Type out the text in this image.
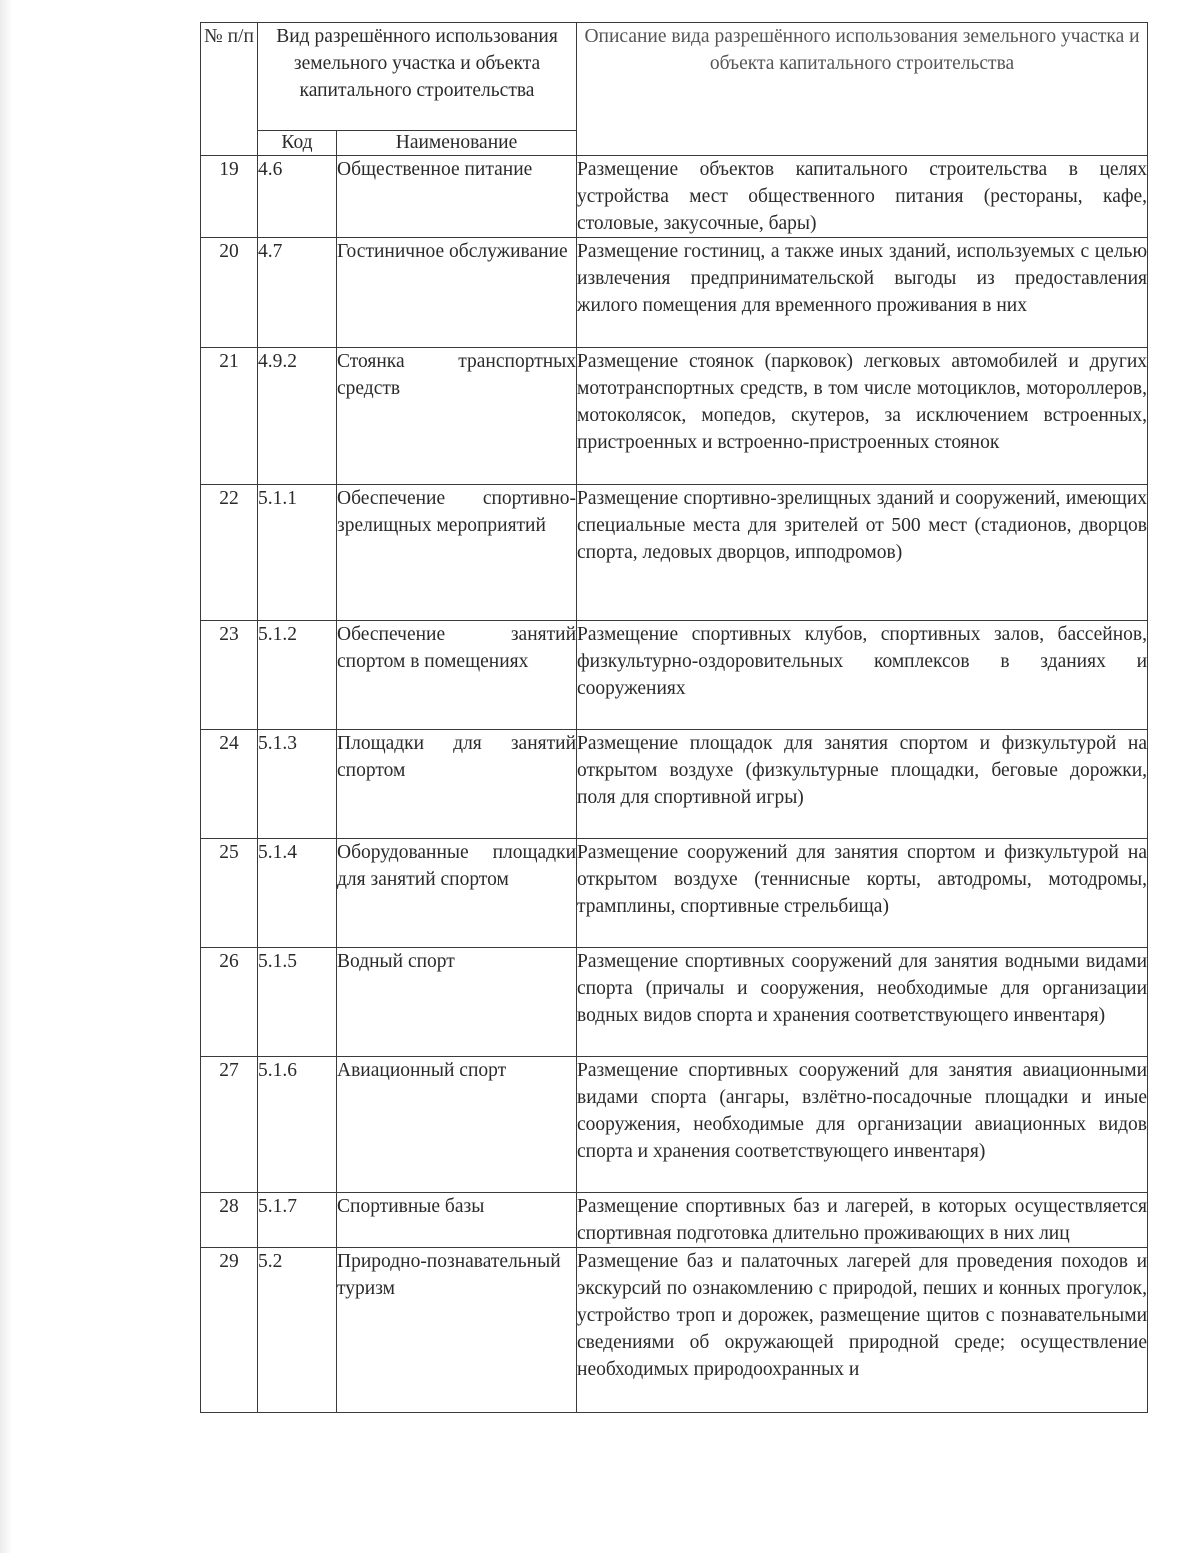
№ п/п	Вид разрешённого использования земельного участка и объекта капитального строительства		Описание вида разрешённого использования земельного участка и объекта капитального строительства
	Код	Наименование	
19	4.6	Общественное питание	Размещение объектов капитального строительства в целях устройства мест общественного питания (рестораны, кафе, столовые, закусочные, бары)
20	4.7	Гостиничное обслуживание	Размещение гостиниц, а также иных зданий, используемых с целью извлечения предпринимательской выгоды из предоставления жилого помещения для временного проживания в них
21	4.9.2	Стоянка транспортных средств	Размещение стоянок (парковок) легковых автомобилей и других мототранспортных средств, в том числе мотоциклов, мотороллеров, мотоколясок, мопедов, скутеров, за исключением встроенных, пристроенных и встроенно-пристроенных стоянок
22	5.1.1	Обеспечение спортивно-зрелищных мероприятий	Размещение спортивно-зрелищных зданий и сооружений, имеющих специальные места для зрителей от 500 мест (стадионов, дворцов спорта, ледовых дворцов, ипподромов)
23	5.1.2	Обеспечение занятий спортом в помещениях	Размещение спортивных клубов, спортивных залов, бассейнов, физкультурно-оздоровительных комплексов в зданиях и сооружениях
24	5.1.3	Площадки для занятий спортом	Размещение площадок для занятия спортом и физкультурой на открытом воздухе (физкультурные площадки, беговые дорожки, поля для спортивной игры)
25	5.1.4	Оборудованные площадки для занятий спортом	Размещение сооружений для занятия спортом и физкультурой на открытом воздухе (теннисные корты, автодромы, мотодромы, трамплины, спортивные стрельбища)
26	5.1.5	Водный спорт	Размещение спортивных сооружений для занятия водными видами спорта (причалы и сооружения, необходимые для организации водных видов спорта и хранения соответствующего инвентаря)
27	5.1.6	Авиационный спорт	Размещение спортивных сооружений для занятия авиационными видами спорта (ангары, взлётно-посадочные площадки и иные сооружения, необходимые для организации авиационных видов спорта и хранения соответствующего инвентаря)
28	5.1.7	Спортивные базы	Размещение спортивных баз и лагерей, в которых осуществляется спортивная подготовка длительно проживающих в них лиц
29	5.2	Природно-познавательный туризм	Размещение баз и палаточных лагерей для проведения походов и экскурсий по ознакомлению с природой, пеших и конных прогулок, устройство троп и дорожек, размещение щитов с познавательными сведениями об окружающей природной среде; осуществление необходимых природоохранных и
